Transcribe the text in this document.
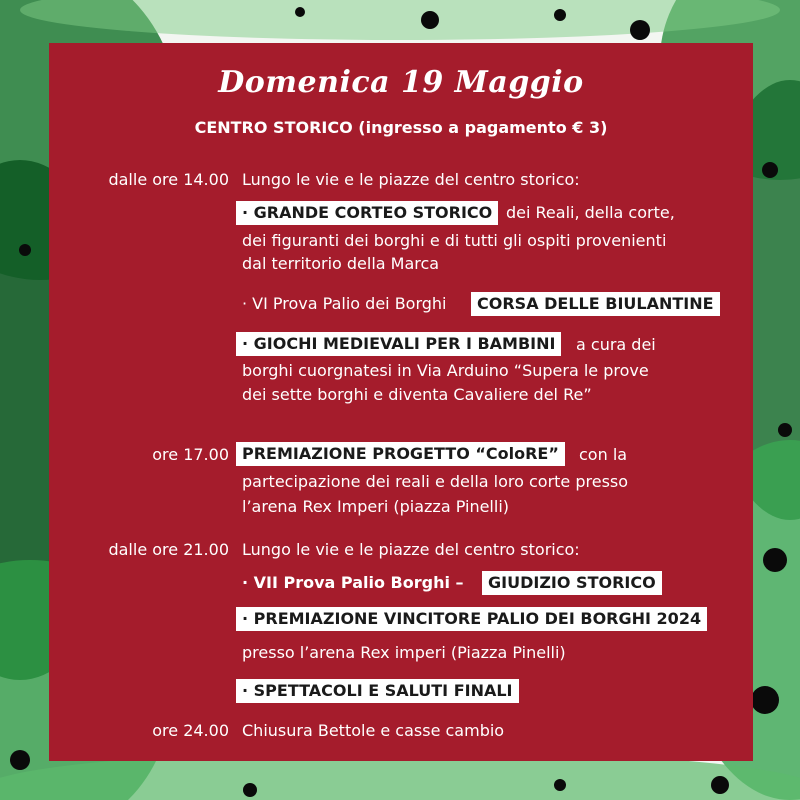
Domenica 19 Maggio
CENTRO STORICO (ingresso a pagamento € 3)
dalle ore 14.00 Lungo le vie e le piazze del centro storico:
· GRANDE CORTEO STORICO dei Reali, della corte,
dei figuranti dei borghi e di tutti gli ospiti provenienti
dal territorio della Marca
· VI Prova Palio dei Borghi	CORSA DELLE BIULANTINE
· GIOCHI MEDIEVALI PER I BAMBINI	a cura dei
borghi cuorgnatesi in Via Arduino “Supera le prove
dei sette borghi e diventa Cavaliere del Re”
ore 17.00 PREMIAZIONE PROGETTO “ColoRE”	con la
partecipazione dei reali e della loro corte presso
l’arena Rex Imperi (piazza Pinelli)
dalle ore 21.00 Lungo le vie e le piazze del centro storico:
· VII Prova Palio Borghi –	GIUDIZIO STORICO
· PREMIAZIONE VINCITORE PALIO DEI BORGHI 2024
presso l’arena Rex imperi (Piazza Pinelli)
· SPETTACOLI E SALUTI FINALI
ore 24.00 Chiusura Bettole e casse cambio
